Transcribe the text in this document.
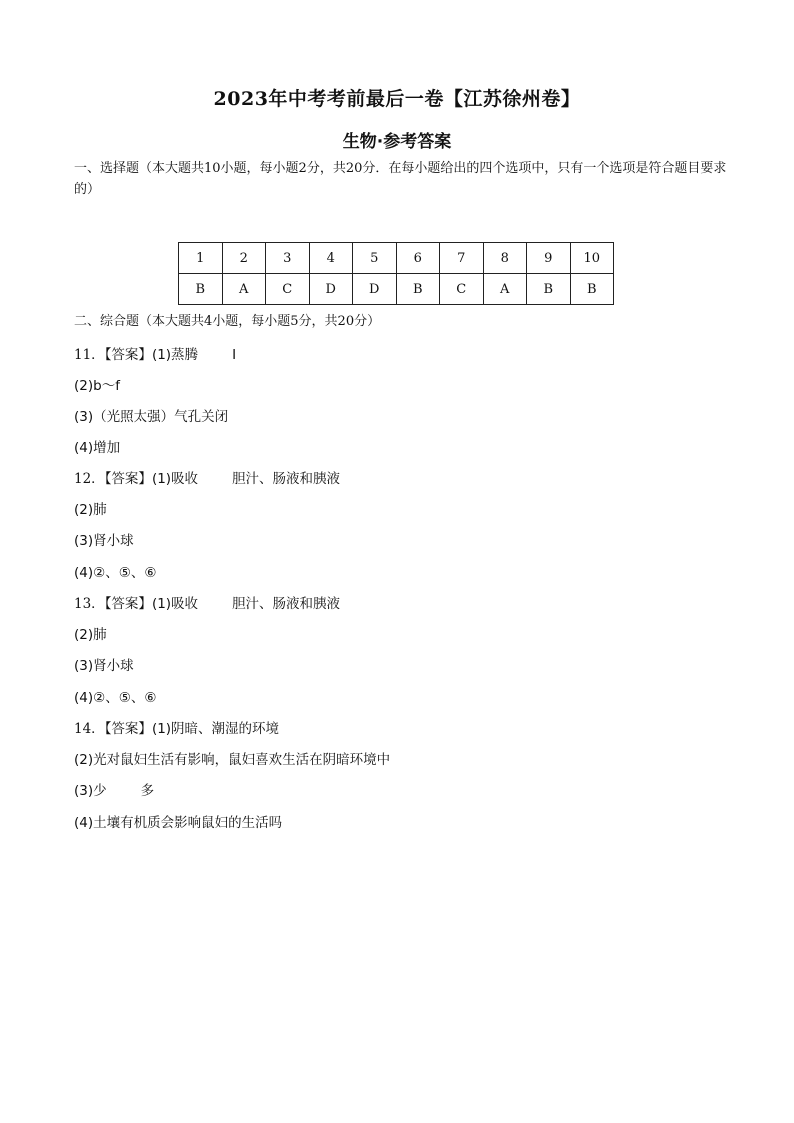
2023年中考考前最后一卷【江苏徐州卷】
生物·参考答案

一、选择题（本大题共10小题，每小题2分，共20分．在每小题给出的四个选项中，只有一个选项是符合题目要求的）

1	2	3	4	5	6	7	8	9	10
B	A	C	D	D	B	C	A	B	B

二、综合题（本大题共4小题，每小题5分，共20分）

11．【答案】(1)蒸腾	I

(2)b～f

(3)（光照太强）气孔关闭

(4)增加

12．【答案】(1)吸收	胆汁、肠液和胰液

(2)肺

(3)肾小球

(4)②、⑤、⑥

13．【答案】(1)吸收	胆汁、肠液和胰液

(2)肺

(3)肾小球

(4)②、⑤、⑥

14．【答案】(1)阴暗、潮湿的环境

(2)光对鼠妇生活有影响，鼠妇喜欢生活在阴暗环境中

(3)少	多

(4)土壤有机质会影响鼠妇的生活吗
